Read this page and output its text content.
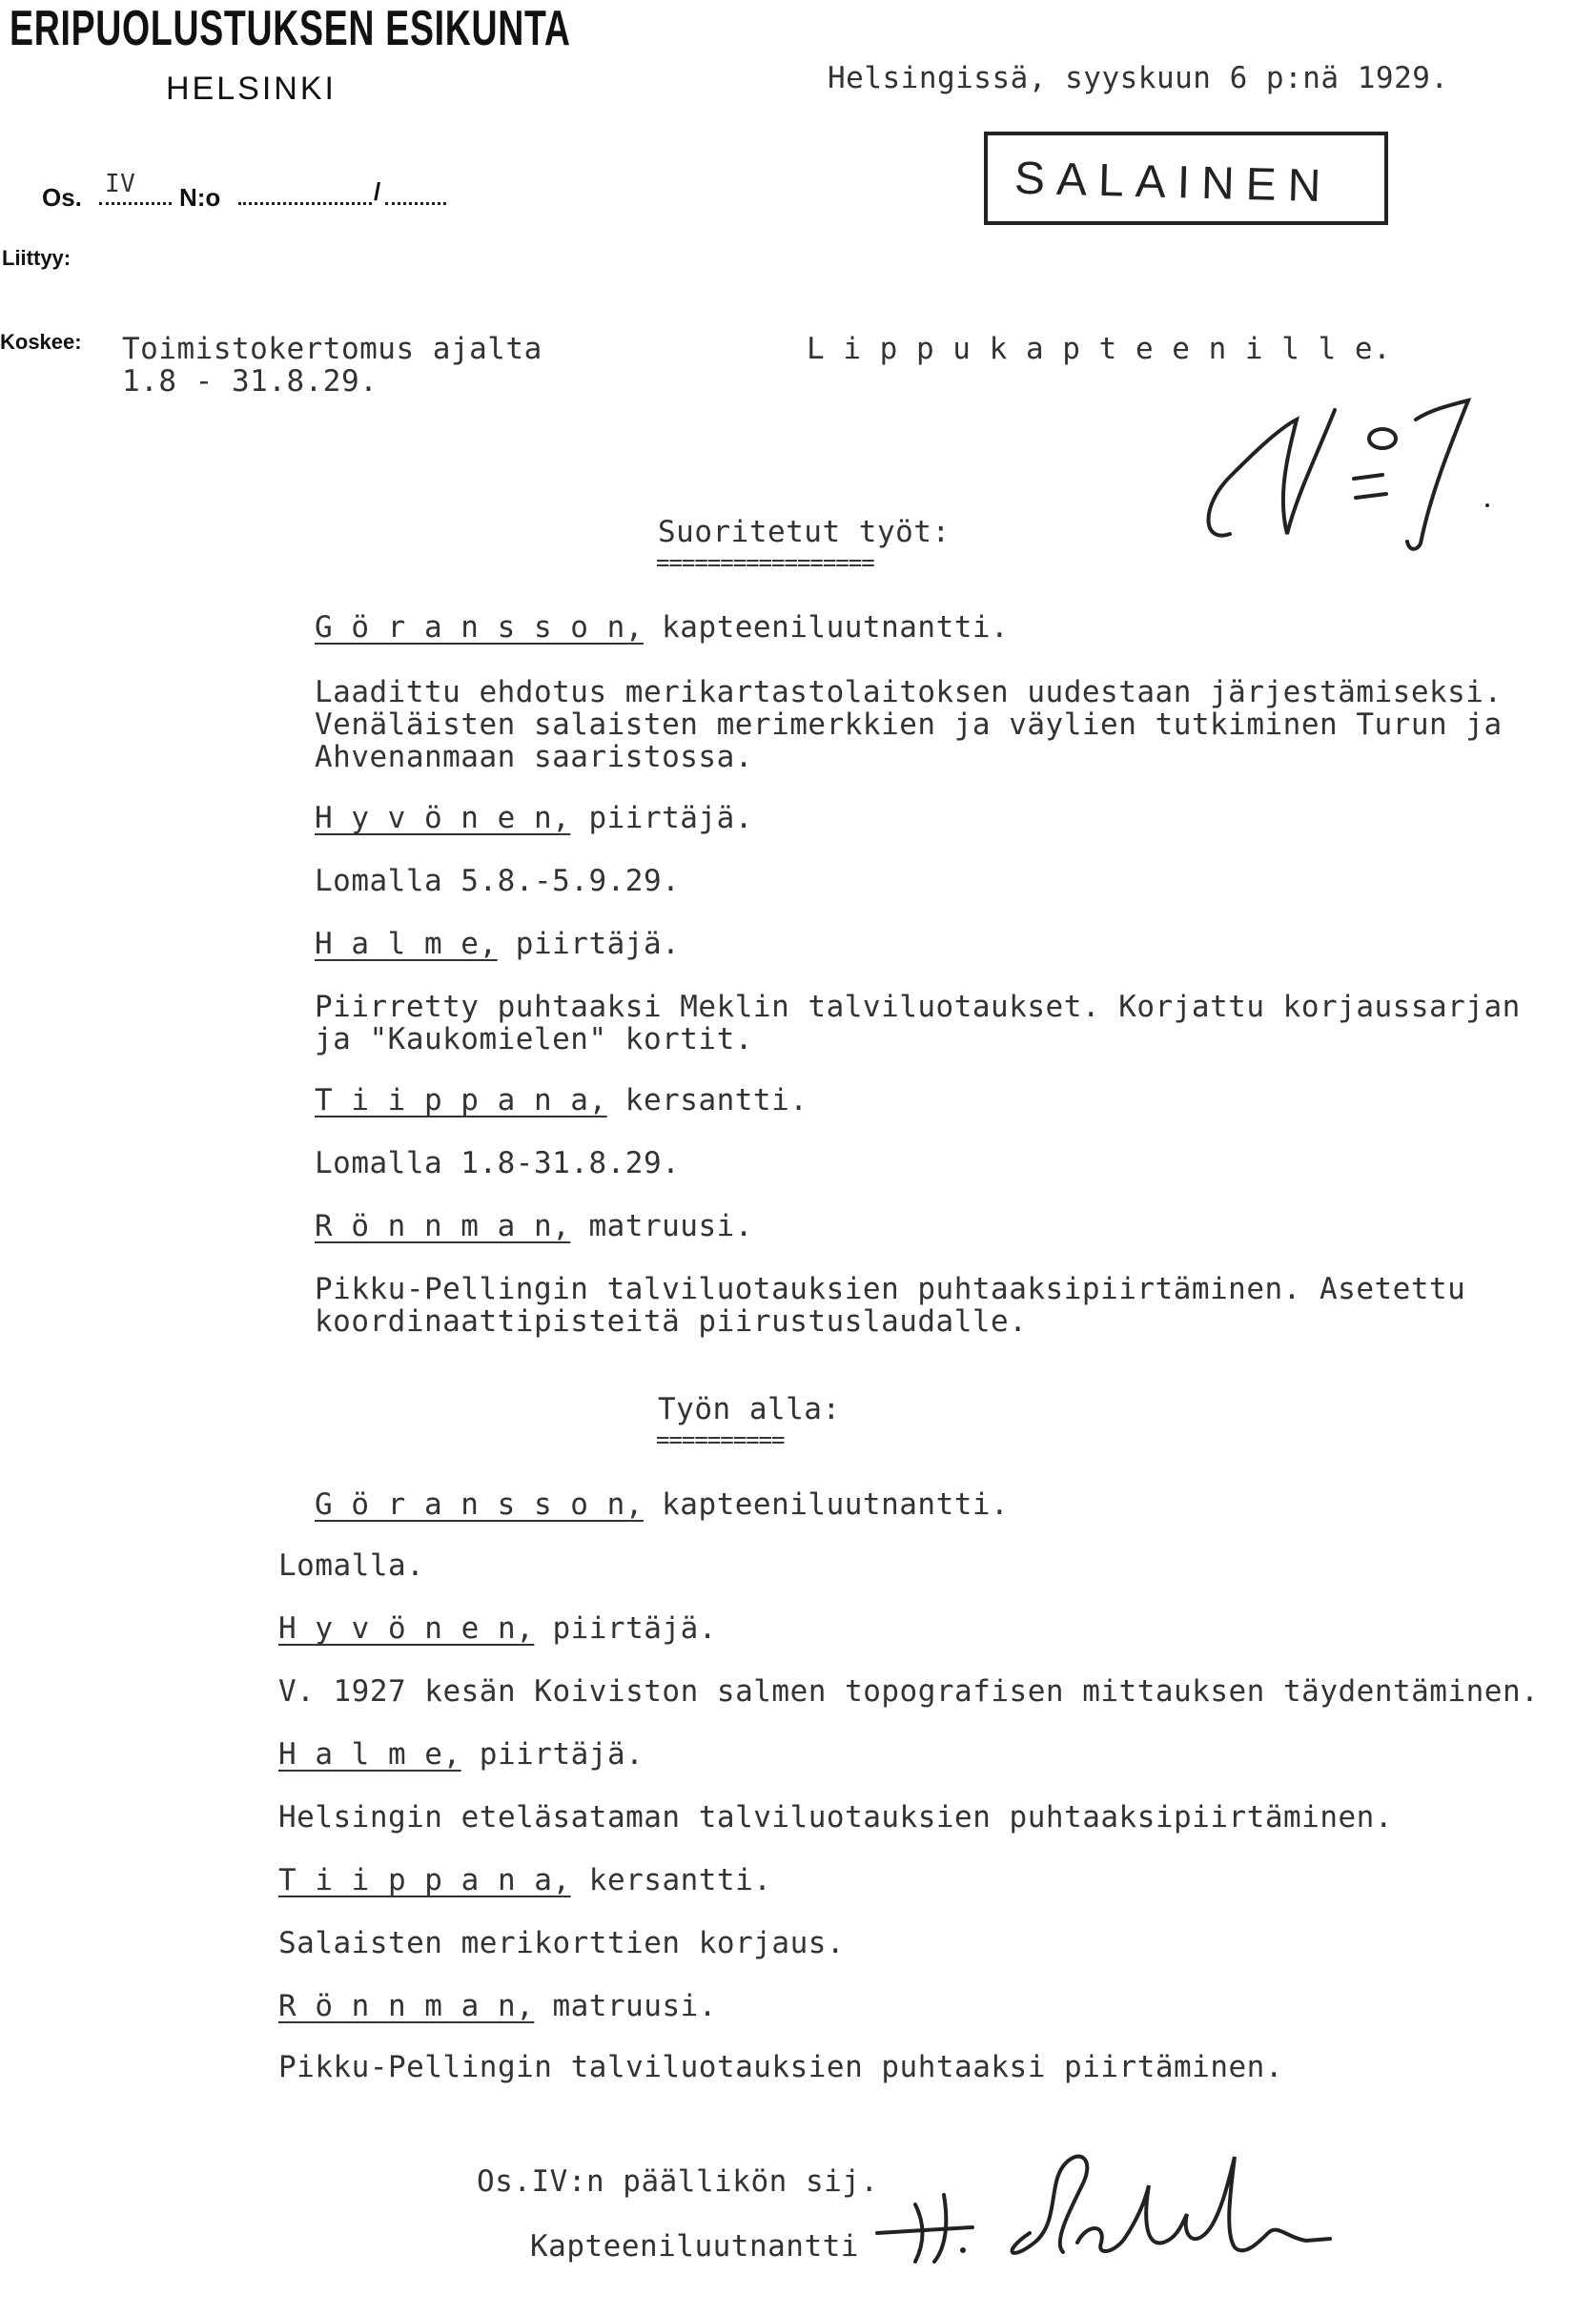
ERIPUOLUSTUKSEN ESIKUNTA
HELSINKI
Os. IV N:o	/
Liittyy:
Koskee:
Helsingissä, syyskuun 6 p:nä 1929.
SALAINEN
Toimistokertomus ajalta
1.8 - 31.8.29.
L i p p u k a p t e e n i l l e.
Suoritetut työt:
=================
G ö r a n s s o n, kapteeniluutnantti.
Laadittu ehdotus merikartastolaitoksen uudestaan järjestämiseksi.
Venäläisten salaisten merimerkkien ja väylien tutkiminen Turun ja
Ahvenanmaan saaristossa.
H y v ö n e n, piirtäjä.
Lomalla 5.8.-5.9.29.
H a l m e, piirtäjä.
Piirretty puhtaaksi Meklin talviluotaukset. Korjattu korjaussarjan
ja "Kaukomielen" kortit.
T i i p p a n a, kersantti.
Lomalla 1.8-31.8.29.
R ö n n m a n, matruusi.
Pikku-Pellingin talviluotauksien puhtaaksipiirtäminen. Asetettu
koordinaattipisteitä piirustuslaudalle.
Työn alla:
==========
G ö r a n s s o n, kapteeniluutnantti.
Lomalla.
H y v ö n e n, piirtäjä.
V. 1927 kesän Koiviston salmen topografisen mittauksen täydentäminen.
H a l m e, piirtäjä.
Helsingin eteläsataman talviluotauksien puhtaaksipiirtäminen.
T i i p p a n a, kersantti.
Salaisten merikorttien korjaus.
R ö n n m a n, matruusi.
Pikku-Pellingin talviluotauksien puhtaaksi piirtäminen.
Os.IV:n päällikön sij.
Kapteeniluutnantti
